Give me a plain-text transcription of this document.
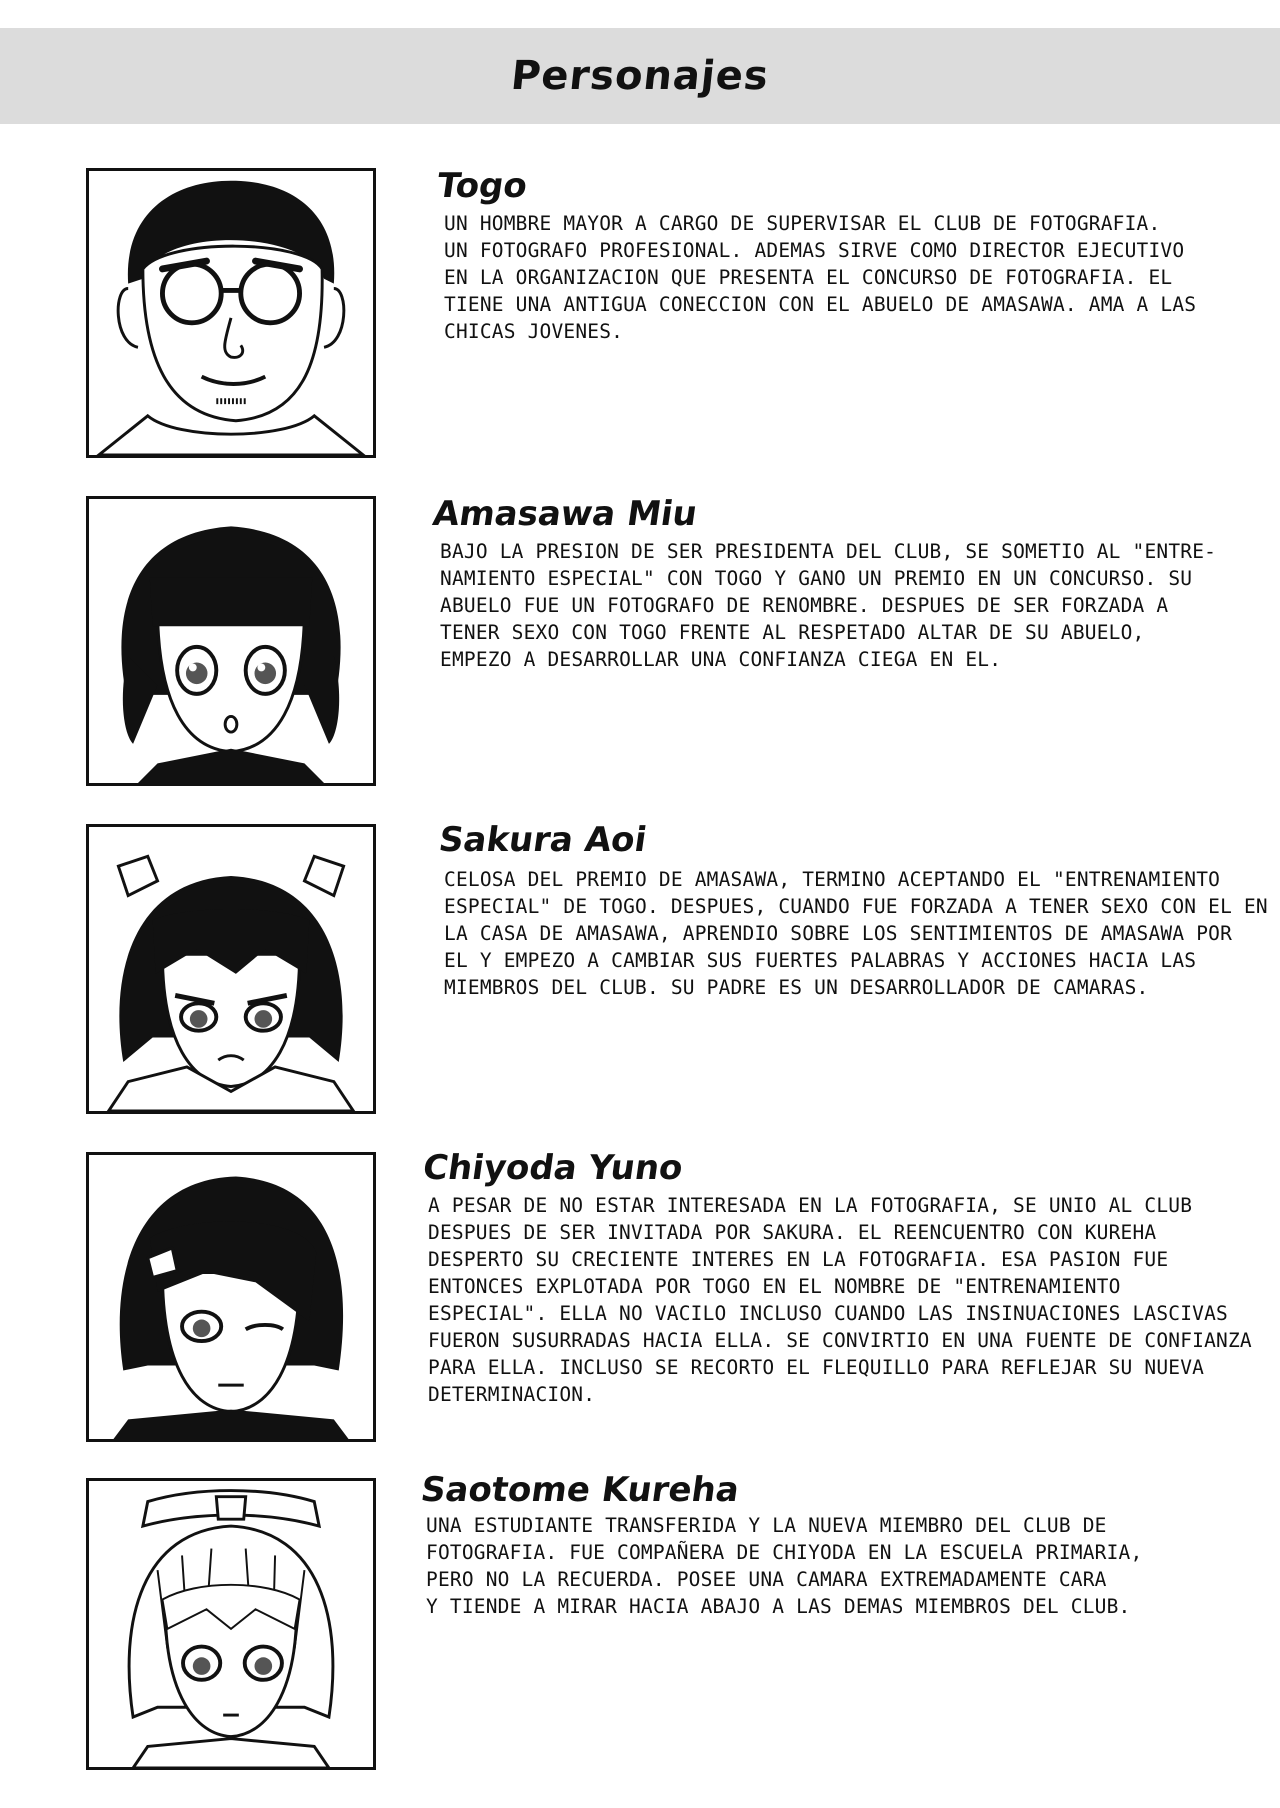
Personajes
Togo
UN HOMBRE MAYOR A CARGO DE SUPERVISAR EL CLUB DE FOTOGRAFIA.
UN FOTOGRAFO PROFESIONAL. ADEMAS SIRVE COMO DIRECTOR EJECUTIVO
EN LA ORGANIZACION QUE PRESENTA EL CONCURSO DE FOTOGRAFIA. EL
TIENE UNA ANTIGUA CONECCION CON EL ABUELO DE AMASAWA. AMA A LAS
CHICAS JOVENES.
Amasawa Miu
BAJO LA PRESION DE SER PRESIDENTA DEL CLUB, SE SOMETIO AL "ENTRE-
NAMIENTO ESPECIAL" CON TOGO Y GANO UN PREMIO EN UN CONCURSO. SU
ABUELO FUE UN FOTOGRAFO DE RENOMBRE. DESPUES DE SER FORZADA A
TENER SEXO CON TOGO FRENTE AL RESPETADO ALTAR DE SU ABUELO,
EMPEZO A DESARROLLAR UNA CONFIANZA CIEGA EN EL.
Sakura Aoi
CELOSA DEL PREMIO DE AMASAWA, TERMINO ACEPTANDO EL "ENTRENAMIENTO
ESPECIAL" DE TOGO. DESPUES, CUANDO FUE FORZADA A TENER SEXO CON EL EN
LA CASA DE AMASAWA, APRENDIO SOBRE LOS SENTIMIENTOS DE AMASAWA POR
EL Y EMPEZO A CAMBIAR SUS FUERTES PALABRAS Y ACCIONES HACIA LAS
MIEMBROS DEL CLUB. SU PADRE ES UN DESARROLLADOR DE CAMARAS.
Chiyoda Yuno
A PESAR DE NO ESTAR INTERESADA EN LA FOTOGRAFIA, SE UNIO AL CLUB
DESPUES DE SER INVITADA POR SAKURA. EL REENCUENTRO CON KUREHA
DESPERTO SU CRECIENTE INTERES EN LA FOTOGRAFIA. ESA PASION FUE
ENTONCES EXPLOTADA POR TOGO EN EL NOMBRE DE "ENTRENAMIENTO
ESPECIAL". ELLA NO VACILO INCLUSO CUANDO LAS INSINUACIONES LASCIVAS
FUERON SUSURRADAS HACIA ELLA. SE CONVIRTIO EN UNA FUENTE DE CONFIANZA
PARA ELLA. INCLUSO SE RECORTO EL FLEQUILLO PARA REFLEJAR SU NUEVA
DETERMINACION.
Saotome Kureha
UNA ESTUDIANTE TRANSFERIDA Y LA NUEVA MIEMBRO DEL CLUB DE
FOTOGRAFIA. FUE COMPAÑERA DE CHIYODA EN LA ESCUELA PRIMARIA,
PERO NO LA RECUERDA. POSEE UNA CAMARA EXTREMADAMENTE CARA
Y TIENDE A MIRAR HACIA ABAJO A LAS DEMAS MIEMBROS DEL CLUB.
